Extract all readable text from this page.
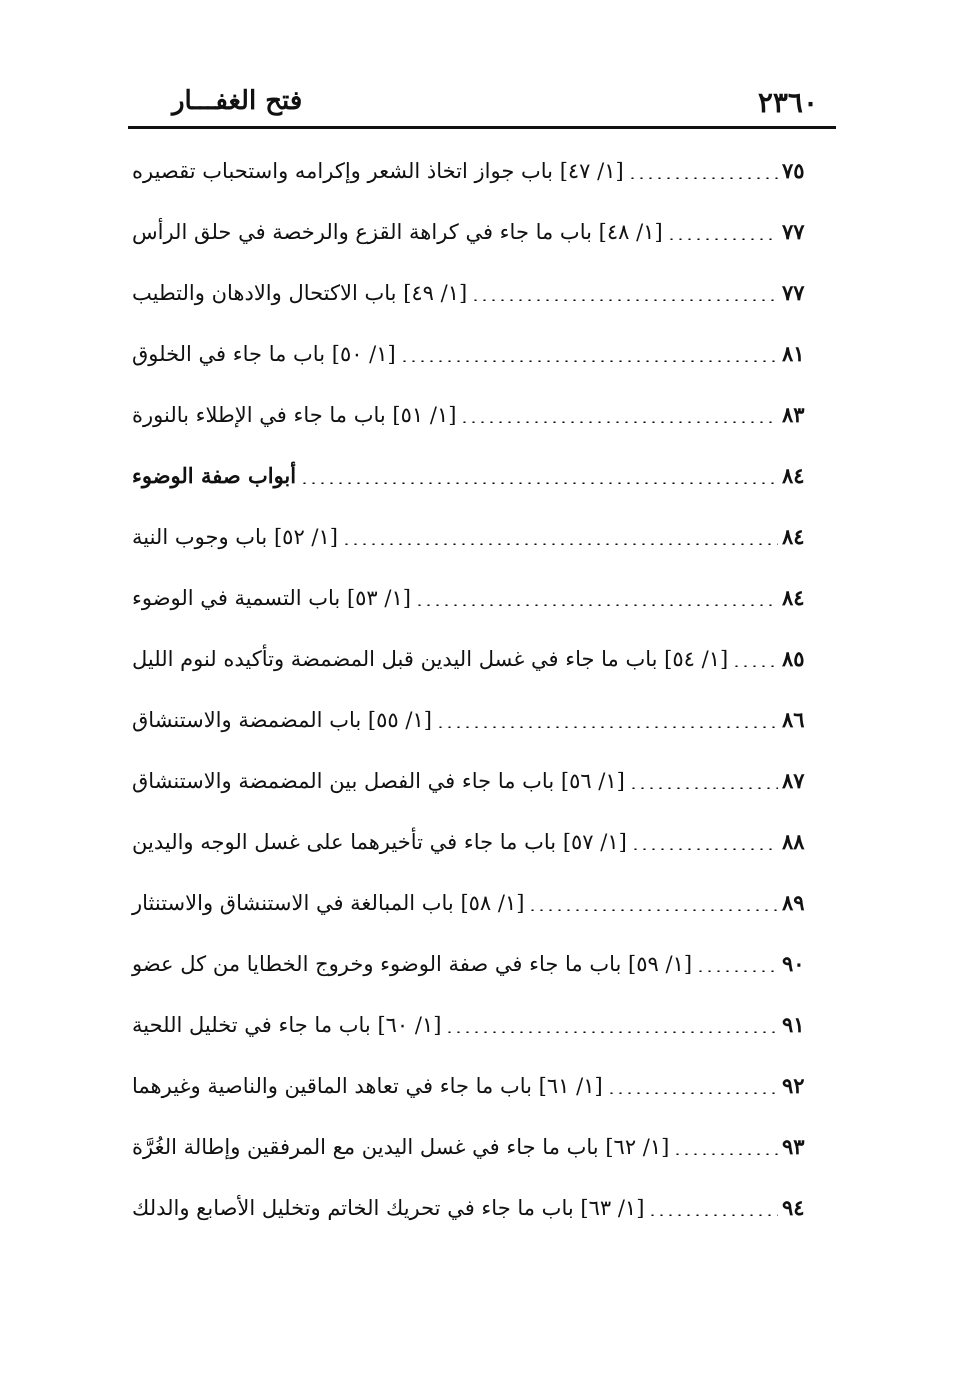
٢٣٦٠
فتح الغفـــار
[١/ ٤٧] باب جواز اتخاذ الشعر وإكرامه واستحباب تقصيره	٧٥
[١/ ٤٨] باب ما جاء في كراهة القزع والرخصة في حلق الرأس	٧٧
[١/ ٤٩] باب الاكتحال والادهان والتطيب	٧٧
[١/ ٥٠] باب ما جاء في الخلوق	٨١
[١/ ٥١] باب ما جاء في الإطلاء بالنورة	٨٣
أبواب صفة الوضوء	٨٤
[١/ ٥٢] باب وجوب النية	٨٤
[١/ ٥٣] باب التسمية في الوضوء	٨٤
[١/ ٥٤] باب ما جاء في غسل اليدين قبل المضمضة وتأكيده لنوم الليل	٨٥
[١/ ٥٥] باب المضمضة والاستنشاق	٨٦
[١/ ٥٦] باب ما جاء في الفصل بين المضمضة والاستنشاق	٨٧
[١/ ٥٧] باب ما جاء في تأخيرهما على غسل الوجه واليدين	٨٨
[١/ ٥٨] باب المبالغة في الاستنشاق والاستنثار	٨٩
[١/ ٥٩] باب ما جاء في صفة الوضوء وخروج الخطايا من كل عضو	٩٠
[١/ ٦٠] باب ما جاء في تخليل اللحية	٩١
[١/ ٦١] باب ما جاء في تعاهد الماقين والناصية وغيرهما	٩٢
[١/ ٦٢] باب ما جاء في غسل اليدين مع المرفقين وإطالة الغُرَّة	٩٣
[١/ ٦٣] باب ما جاء في تحريك الخاتم وتخليل الأصابع والدلك	٩٤
